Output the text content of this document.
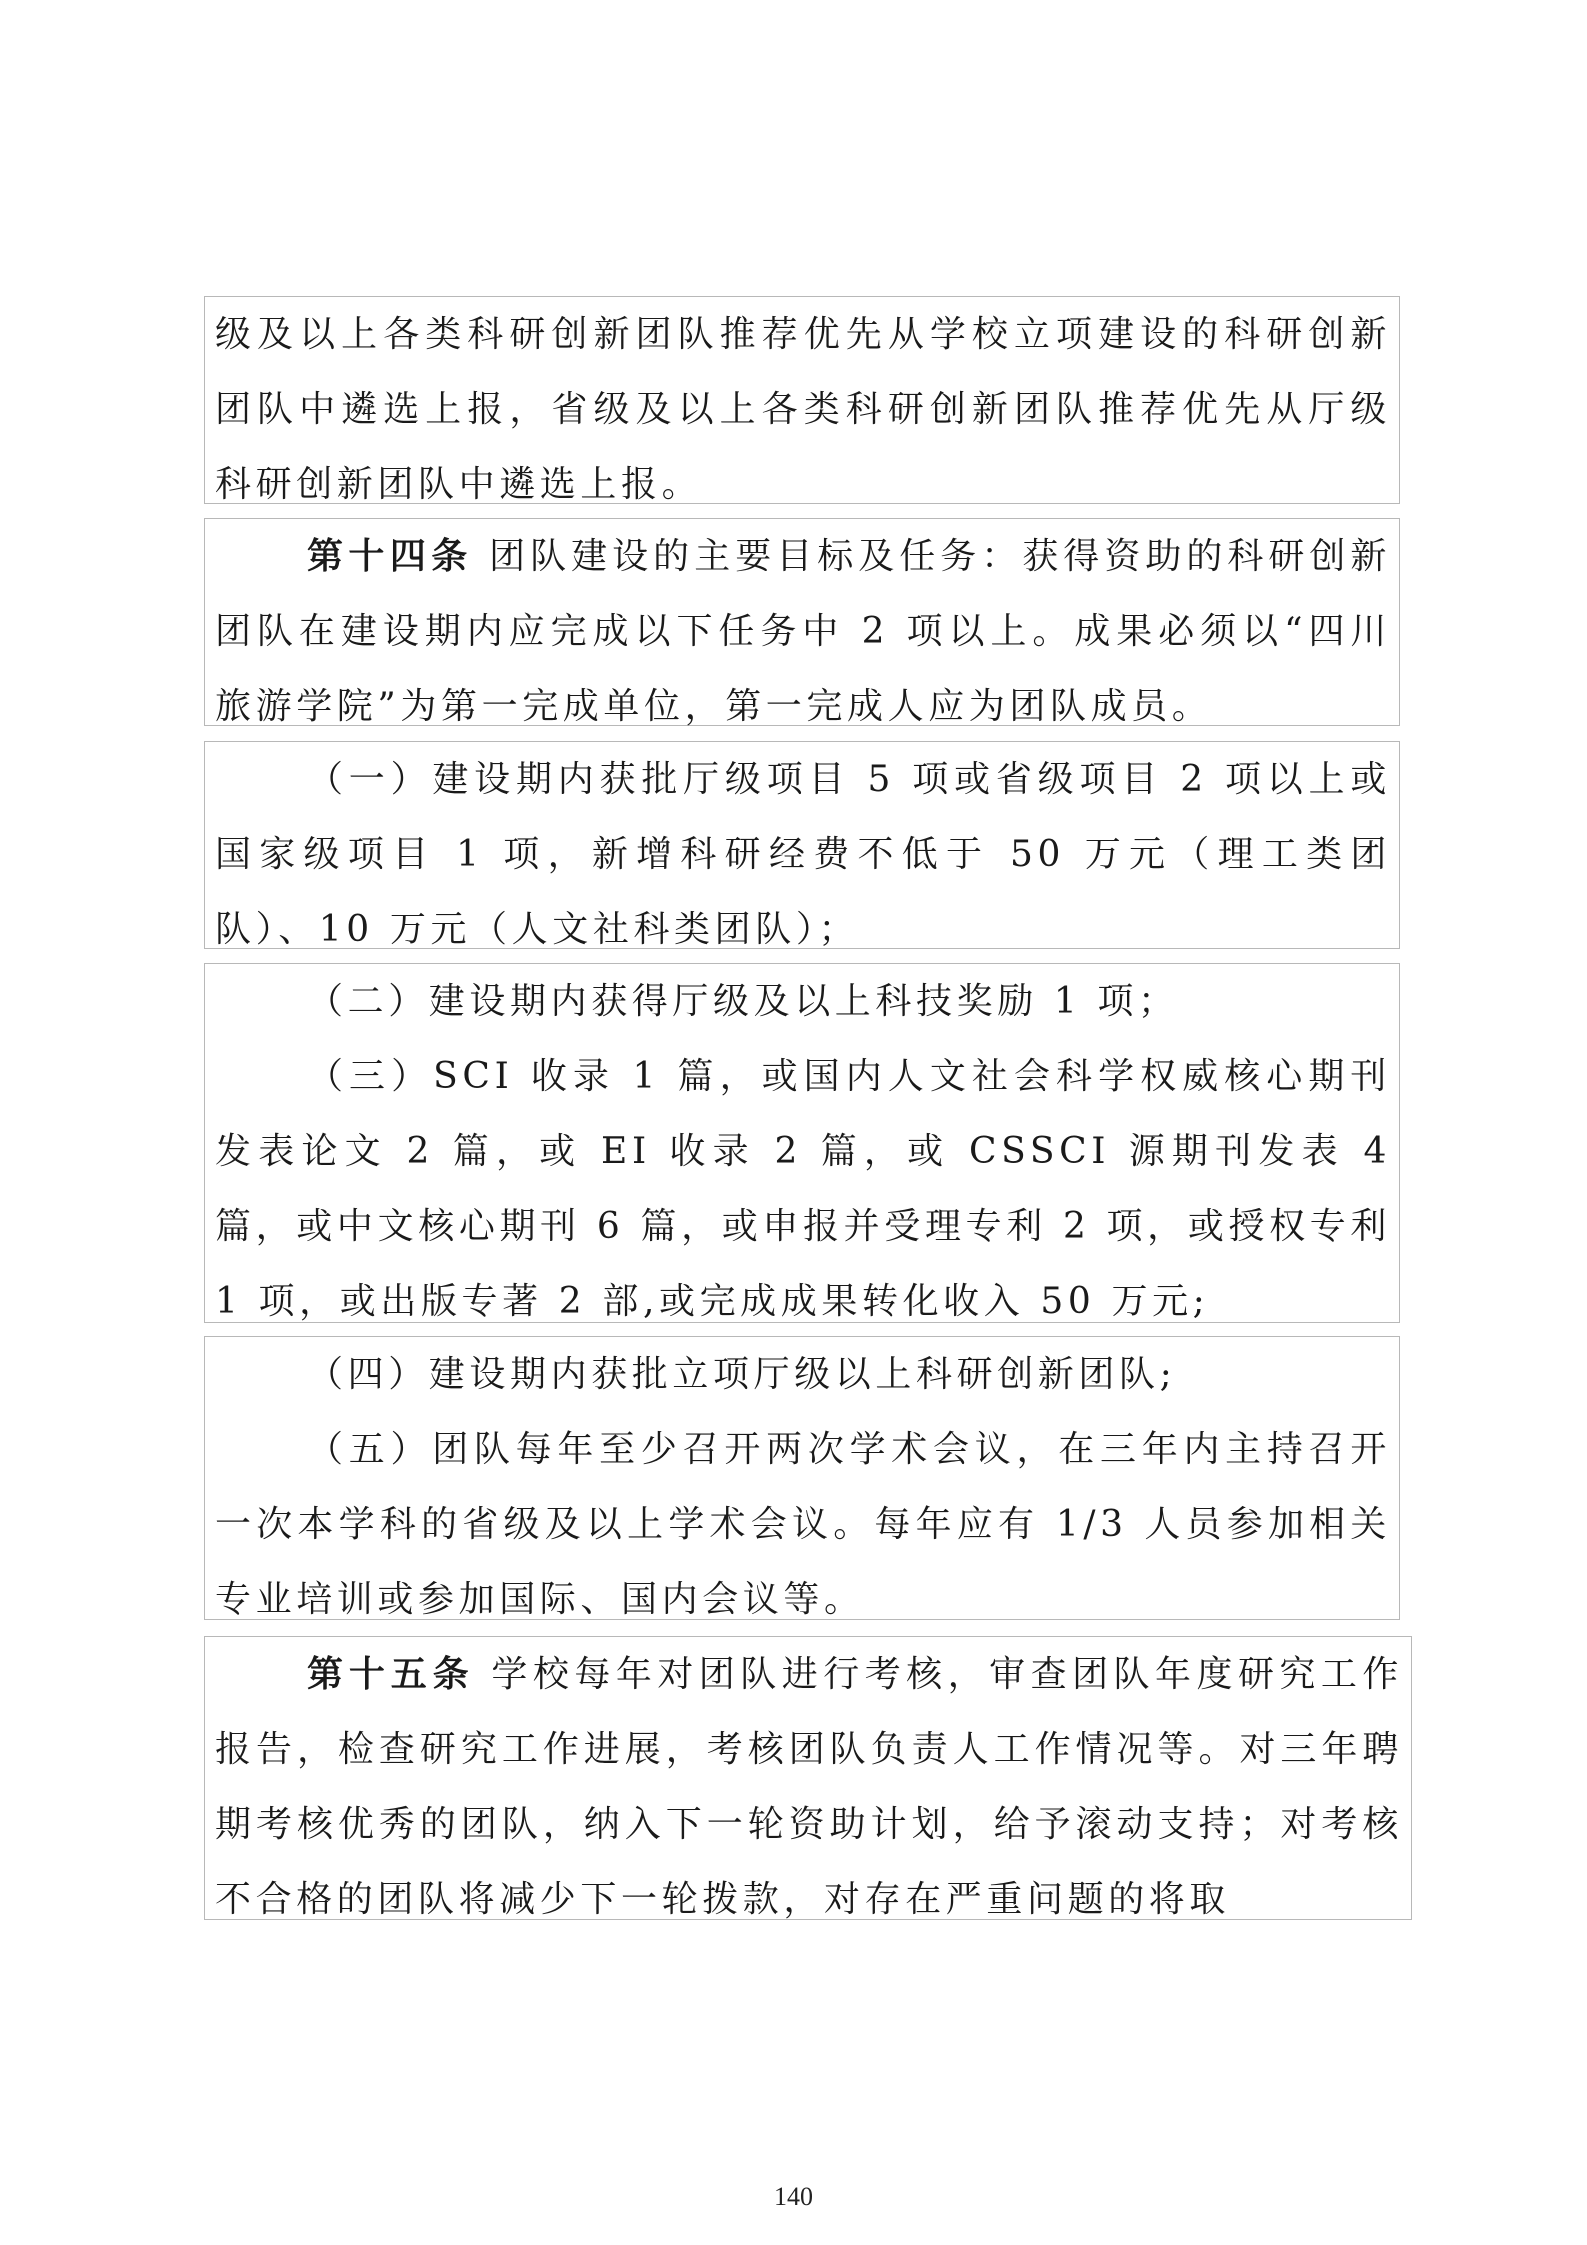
级及以上各类科研创新团队推荐优先从学校立项建设的科研创新团队中遴选上报，省级及以上各类科研创新团队推荐优先从厅级科研创新团队中遴选上报。

第十四条 团队建设的主要目标及任务：获得资助的科研创新团队在建设期内应完成以下任务中 2 项以上。成果必须以“四川旅游学院”为第一完成单位，第一完成人应为团队成员。

（一）建设期内获批厅级项目 5 项或省级项目 2 项以上或国家级项目 1 项，新增科研经费不低于 50 万元（理工类团队）、10 万元（人文社科类团队）；

（二）建设期内获得厅级及以上科技奖励 1 项；

（三）SCI 收录 1 篇，或国内人文社会科学权威核心期刊发表论文 2 篇，或 EI 收录 2 篇，或 CSSCI 源期刊发表 4 篇，或中文核心期刊 6 篇，或申报并受理专利 2 项，或授权专利 1 项，或出版专著 2 部,或完成成果转化收入 50 万元;

（四）建设期内获批立项厅级以上科研创新团队;

（五）团队每年至少召开两次学术会议，在三年内主持召开一次本学科的省级及以上学术会议。每年应有 1/3 人员参加相关专业培训或参加国际、国内会议等。

第十五条 学校每年对团队进行考核，审查团队年度研究工作报告，检查研究工作进展，考核团队负责人工作情况等。对三年聘期考核优秀的团队，纳入下一轮资助计划，给予滚动支持；对考核不合格的团队将减少下一轮拨款，对存在严重问题的将取

140
